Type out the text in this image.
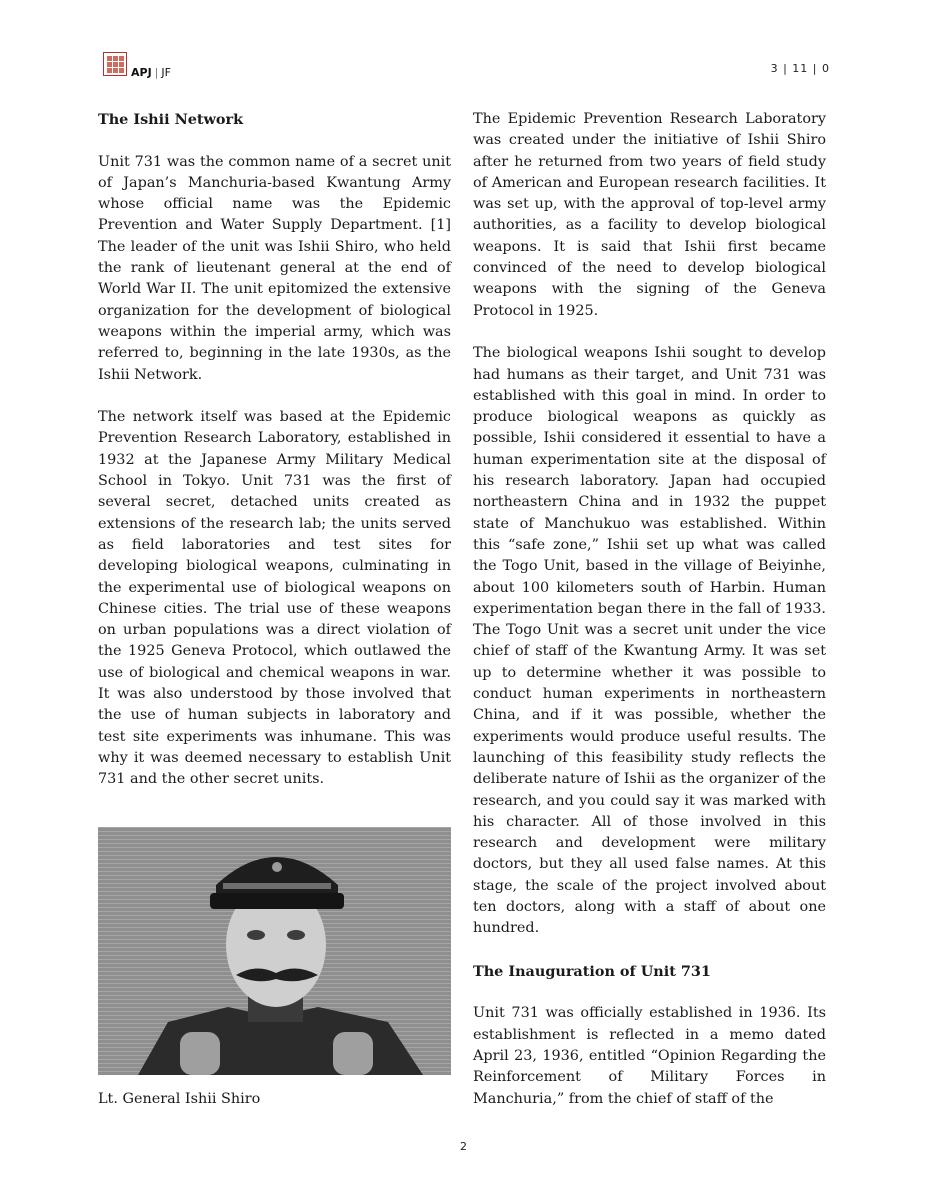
APJ | JF	3 | 11 | 0
The Ishii Network

Unit 731 was the common name of a secret unit of Japan’s Manchuria-based Kwantung Army whose official name was the Epidemic Prevention and Water Supply Department. [1] The leader of the unit was Ishii Shiro, who held the rank of lieutenant general at the end of World War II. The unit epitomized the extensive organization for the development of biological weapons within the imperial army, which was referred to, beginning in the late 1930s, as the Ishii Network.

The network itself was based at the Epidemic Prevention Research Laboratory, established in 1932 at the Japanese Army Military Medical School in Tokyo. Unit 731 was the first of several secret, detached units created as extensions of the research lab; the units served as field laboratories and test sites for developing biological weapons, culminating in the experimental use of biological weapons on Chinese cities. The trial use of these weapons on urban populations was a direct violation of the 1925 Geneva Protocol, which outlawed the use of biological and chemical weapons in war. It was also understood by those involved that the use of human subjects in laboratory and test site experiments was inhumane. This was why it was deemed necessary to establish Unit 731 and the other secret units.

Lt. General Ishii Shiro

The Epidemic Prevention Research Laboratory was created under the initiative of Ishii Shiro after he returned from two years of field study of American and European research facilities. It was set up, with the approval of top-level army authorities, as a facility to develop biological weapons. It is said that Ishii first became convinced of the need to develop biological weapons with the signing of the Geneva Protocol in 1925.

The biological weapons Ishii sought to develop had humans as their target, and Unit 731 was established with this goal in mind. In order to produce biological weapons as quickly as possible, Ishii considered it essential to have a human experimentation site at the disposal of his research laboratory. Japan had occupied northeastern China and in 1932 the puppet state of Manchukuo was established. Within this “safe zone,” Ishii set up what was called the Togo Unit, based in the village of Beiyinhe, about 100 kilometers south of Harbin. Human experimentation began there in the fall of 1933. The Togo Unit was a secret unit under the vice chief of staff of the Kwantung Army. It was set up to determine whether it was possible to conduct human experiments in northeastern China, and if it was possible, whether the experiments would produce useful results. The launching of this feasibility study reflects the deliberate nature of Ishii as the organizer of the research, and you could say it was marked with his character. All of those involved in this research and development were military doctors, but they all used false names. At this stage, the scale of the project involved about ten doctors, along with a staff of about one hundred.

The Inauguration of Unit 731

Unit 731 was officially established in 1936. Its establishment is reflected in a memo dated April 23, 1936, entitled “Opinion Regarding the Reinforcement of Military Forces in Manchuria,” from the chief of staff of the

2
